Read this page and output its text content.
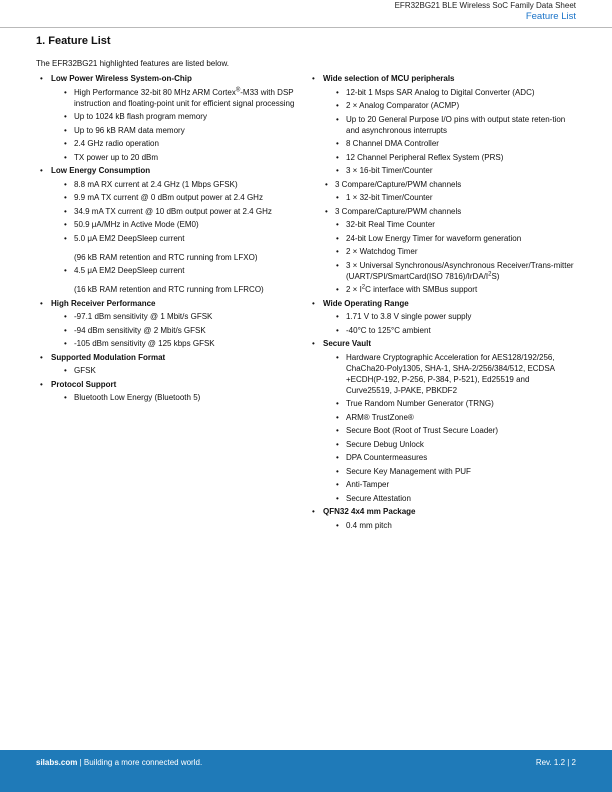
EFR32BG21 BLE Wireless SoC Family Data Sheet
Feature List
1. Feature List

The EFR32BG21 highlighted features are listed below.

• Low Power Wireless System-on-Chip
• High Performance 32-bit 80 MHz ARM Cortex®-M33 with DSP instruction and floating-point unit for efficient signal processing
• Up to 1024 kB flash program memory
• Up to 96 kB RAM data memory
• 2.4 GHz radio operation
• TX power up to 20 dBm
• Low Energy Consumption
• 8.8 mA RX current at 2.4 GHz (1 Mbps GFSK)
• 9.9 mA TX current @ 0 dBm output power at 2.4 GHz
• 34.9 mA TX current @ 10 dBm output power at 2.4 GHz
• 50.9 μA/MHz in Active Mode (EM0)
• 5.0 μA EM2 DeepSleep current
(96 kB RAM retention and RTC running from LFXO)
• 4.5 μA EM2 DeepSleep current
(16 kB RAM retention and RTC running from LFRCO)
• High Receiver Performance
• -97.1 dBm sensitivity @ 1 Mbit/s GFSK
• -94 dBm sensitivity @ 2 Mbit/s GFSK
• -105 dBm sensitivity @ 125 kbps GFSK
• Supported Modulation Format
• GFSK
• Protocol Support
• Bluetooth Low Energy (Bluetooth 5)
• Wide selection of MCU peripherals
• 12-bit 1 Msps SAR Analog to Digital Converter (ADC)
• 2 × Analog Comparator (ACMP)
• Up to 20 General Purpose I/O pins with output state reten-tion and asynchronous interrupts
• 8 Channel DMA Controller
• 12 Channel Peripheral Reflex System (PRS)
• 3 × 16-bit Timer/Counter
• 3 Compare/Capture/PWM channels
• 1 × 32-bit Timer/Counter
• 3 Compare/Capture/PWM channels
• 32-bit Real Time Counter
• 24-bit Low Energy Timer for waveform generation
• 2 × Watchdog Timer
• 3 × Universal Synchronous/Asynchronous Receiver/Trans-mitter (UART/SPI/SmartCard(ISO $7816)/IrDA/I^2S$)
• $2 \times I^2C$ interface with SMBus support
• Wide Operating Range
• 1.71 V to 3.8 V single power supply
• -40°C to 125°C ambient
• Secure Vault
• Hardware Cryptographic Acceleration for AES128/192/256, ChaCha20-Poly1305, SHA-1, SHA-2/256/384/512, ECDSA +ECDH(P-192, P-256, P-384, P-521), Ed25519 and Curve25519, J-PAKE, PBKDF2
• True Random Number Generator (TRNG)
• ARM® TrustZone®
• Secure Boot (Root of Trust Secure Loader)
• Secure Debug Unlock
• DPA Countermeasures
• Secure Key Management with PUF
• Anti-Tamper
• Secure Attestation
• QFN32 4x4 mm Package
• 0.4 mm pitch
silabs.com | Building a more connected world.	Rev. 1.2 | 2
